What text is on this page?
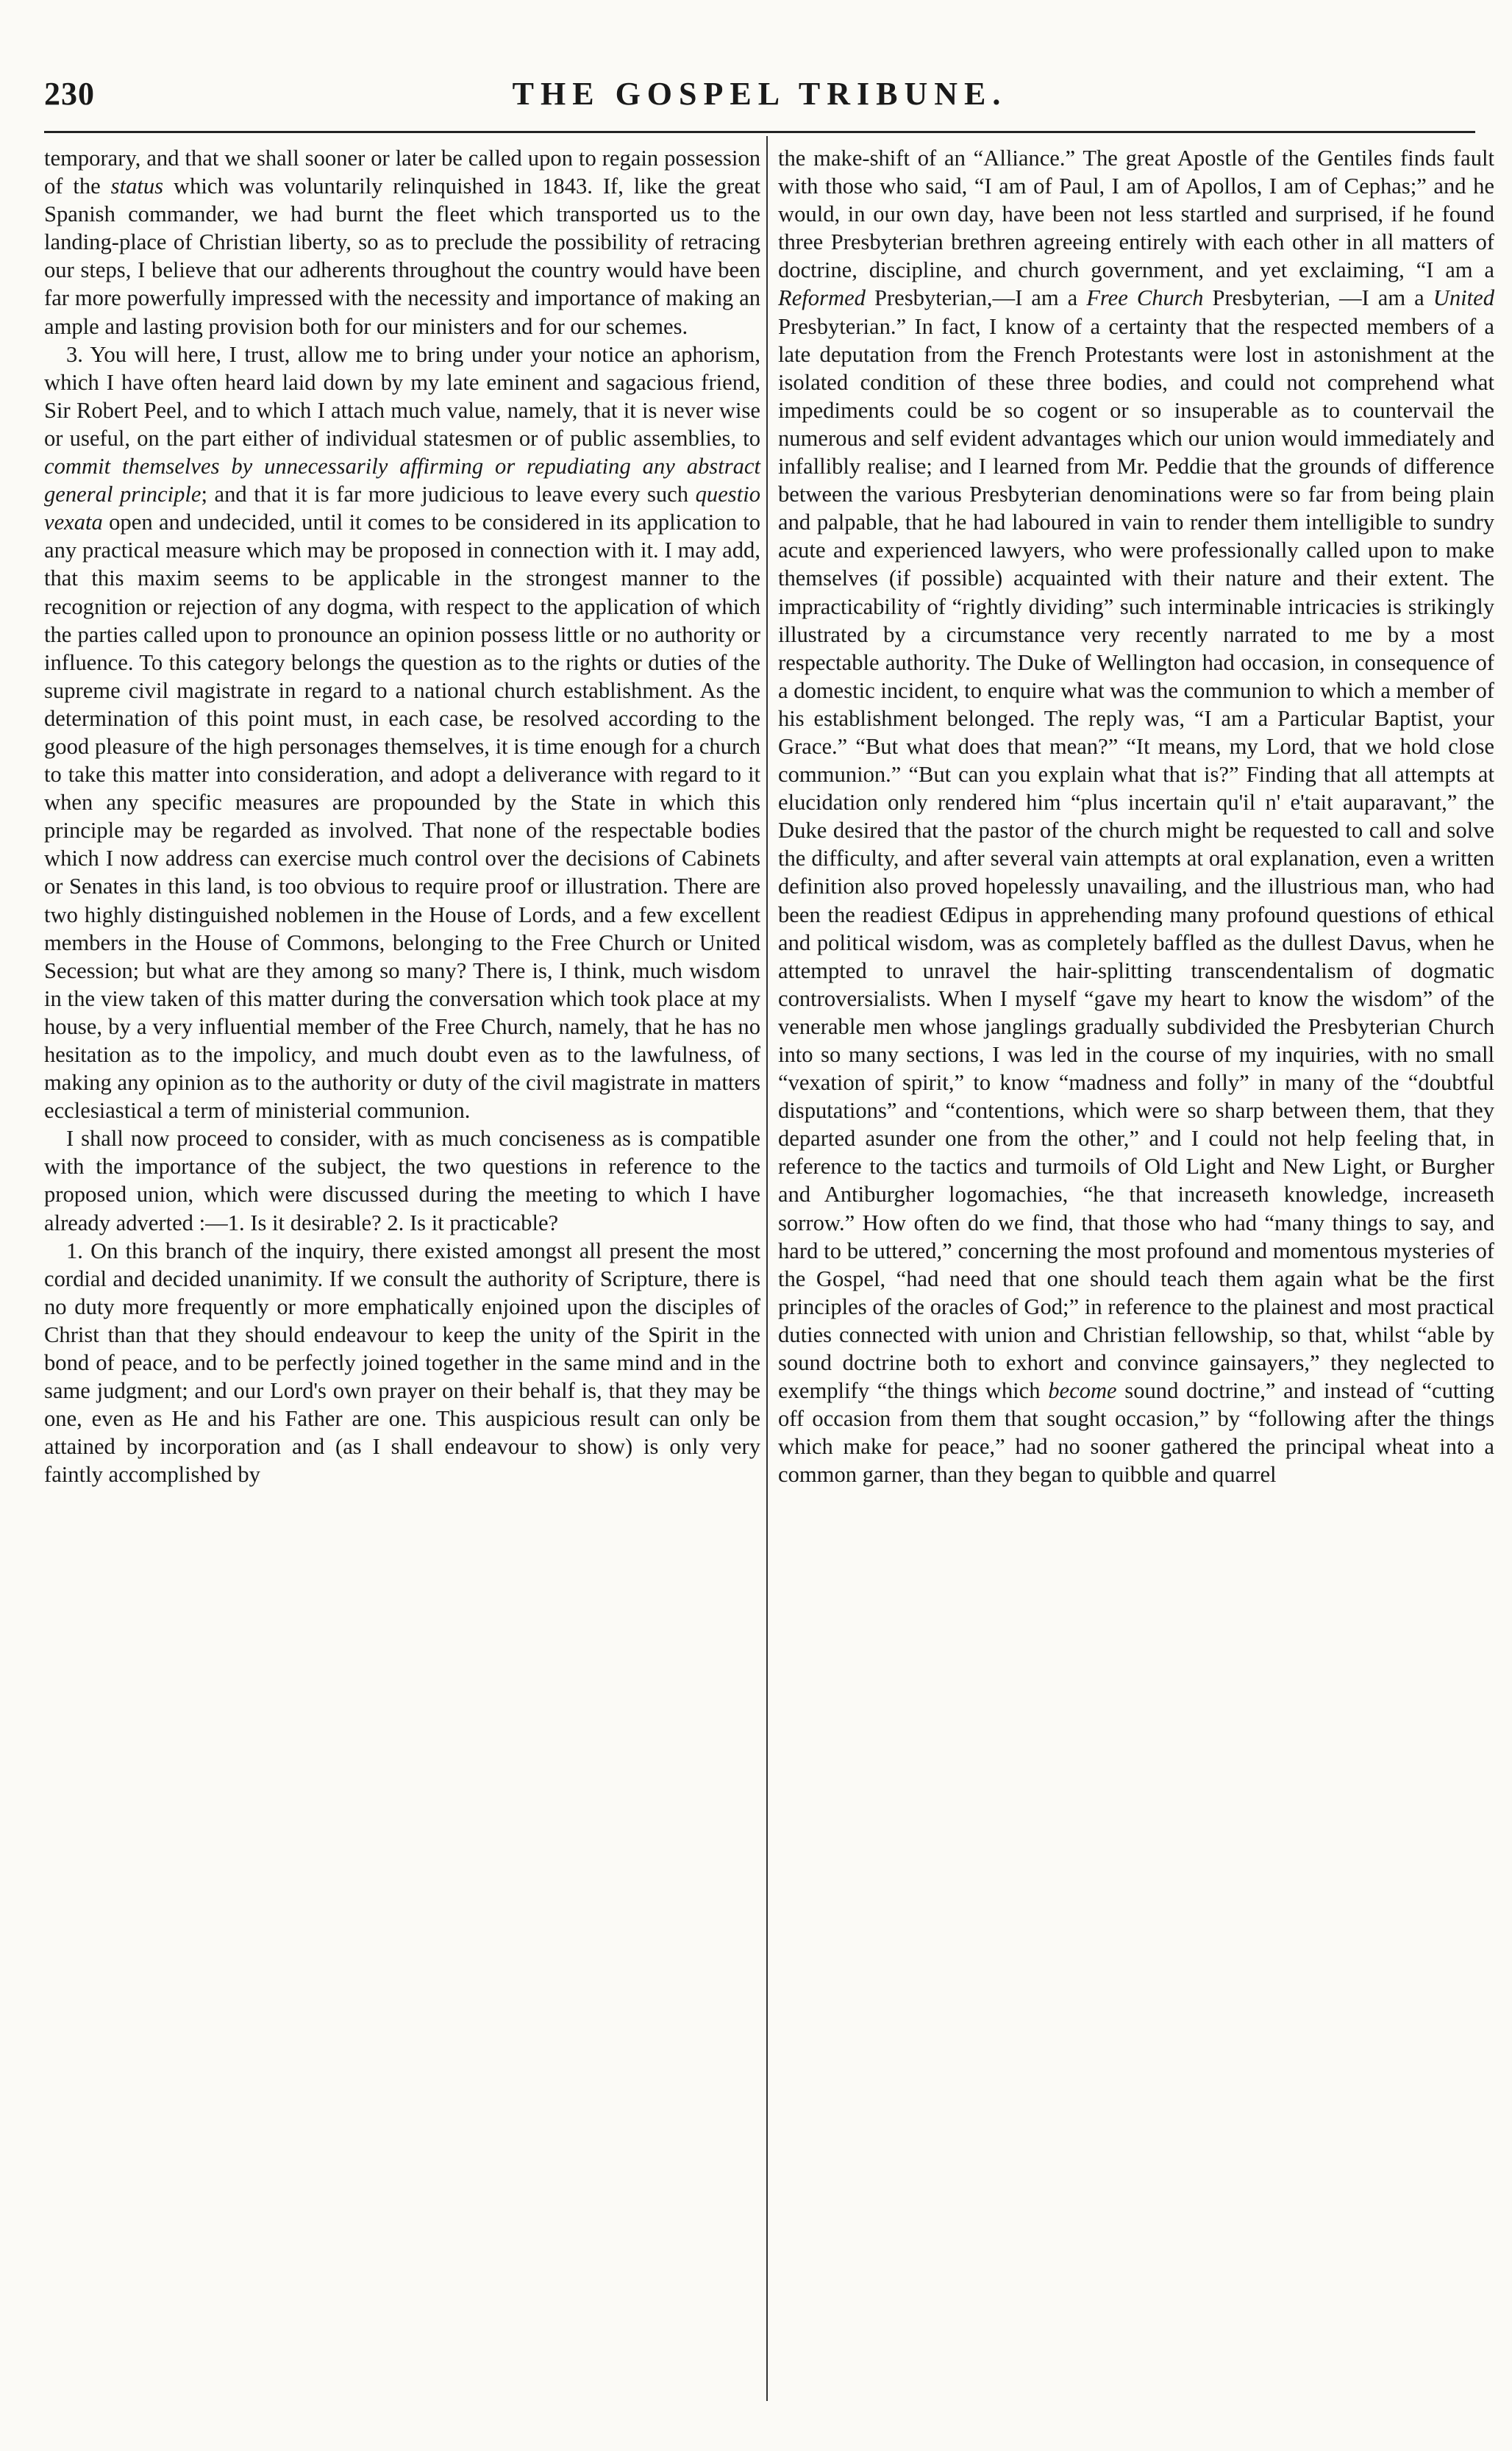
230	THE GOSPEL TRIBUNE.

temporary, and that we shall sooner or later be called upon to regain possession of the status which was voluntarily relinquished in 1843. If, like the great Spanish commander, we had burnt the fleet which transported us to the landing-place of Christian liberty, so as to preclude the possibility of retracing our steps, I believe that our adherents throughout the country would have been far more powerfully impressed with the necessity and importance of making an ample and lasting provision both for our ministers and for our schemes.

3. You will here, I trust, allow me to bring under your notice an aphorism, which I have often heard laid down by my late eminent and sagacious friend, Sir Robert Peel, and to which I attach much value, namely, that it is never wise or useful, on the part either of individual statesmen or of public assemblies, to commit themselves by unnecessarily affirming or repudiating any abstract general principle; and that it is far more judicious to leave every such questio vexata open and undecided, until it comes to be considered in its application to any practical measure which may be proposed in connection with it. I may add, that this maxim seems to be applicable in the strongest manner to the recognition or rejection of any dogma, with respect to the application of which the parties called upon to pronounce an opinion possess little or no authority or influence. To this category belongs the question as to the rights or duties of the supreme civil magistrate in regard to a national church establishment. As the determination of this point must, in each case, be resolved according to the good pleasure of the high personages themselves, it is time enough for a church to take this matter into consideration, and adopt a deliverance with regard to it when any specific measures are propounded by the State in which this principle may be regarded as involved. That none of the respectable bodies which I now address can exercise much control over the decisions of Cabinets or Senates in this land, is too obvious to require proof or illustration. There are two highly distinguished noblemen in the House of Lords, and a few excellent members in the House of Commons, belonging to the Free Church or United Secession; but what are they among so many? There is, I think, much wisdom in the view taken of this matter during the conversation which took place at my house, by a very influential member of the Free Church, namely, that he has no hesitation as to the impolicy, and much doubt even as to the lawfulness, of making any opinion as to the authority or duty of the civil magistrate in matters ecclesiastical a term of ministerial communion.

I shall now proceed to consider, with as much conciseness as is compatible with the importance of the subject, the two questions in reference to the proposed union, which were discussed during the meeting to which I have already adverted :—1. Is it desirable? 2. Is it practicable?

1. On this branch of the inquiry, there existed amongst all present the most cordial and decided unanimity. If we consult the authority of Scripture, there is no duty more frequently or more emphatically enjoined upon the disciples of Christ than that they should endeavour to keep the unity of the Spirit in the bond of peace, and to be perfectly joined together in the same mind and in the same judgment; and our Lord's own prayer on their behalf is, that they may be one, even as He and his Father are one. This auspicious result can only be attained by incorporation and (as I shall endeavour to show) is only very faintly accomplished by

the make-shift of an “Alliance.” The great Apostle of the Gentiles finds fault with those who said, “I am of Paul, I am of Apollos, I am of Cephas;” and he would, in our own day, have been not less startled and surprised, if he found three Presbyterian brethren agreeing entirely with each other in all matters of doctrine, discipline, and church government, and yet exclaiming, “I am a Reformed Presbyterian,—I am a Free Church Presbyterian, —I am a United Presbyterian.” In fact, I know of a certainty that the respected members of a late deputation from the French Protestants were lost in astonishment at the isolated condition of these three bodies, and could not comprehend what impediments could be so cogent or so insuperable as to countervail the numerous and self evident advantages which our union would immediately and infallibly realise; and I learned from Mr. Peddie that the grounds of difference between the various Presbyterian denominations were so far from being plain and palpable, that he had laboured in vain to render them intelligible to sundry acute and experienced lawyers, who were professionally called upon to make themselves (if possible) acquainted with their nature and their extent. The impracticability of “rightly dividing” such interminable intricacies is strikingly illustrated by a circumstance very recently narrated to me by a most respectable authority. The Duke of Wellington had occasion, in consequence of a domestic incident, to enquire what was the communion to which a member of his establishment belonged. The reply was, “I am a Particular Baptist, your Grace.” “But what does that mean?” “It means, my Lord, that we hold close communion.” “But can you explain what that is?” Finding that all attempts at elucidation only rendered him “plus incertain qu'il n' e'tait auparavant,” the Duke desired that the pastor of the church might be requested to call and solve the difficulty, and after several vain attempts at oral explanation, even a written definition also proved hopelessly unavailing, and the illustrious man, who had been the readiest Œdipus in apprehending many profound questions of ethical and political wisdom, was as completely baffled as the dullest Davus, when he attempted to unravel the hair-splitting transcendentalism of dogmatic controversialists. When I myself “gave my heart to know the wisdom” of the venerable men whose janglings gradually subdivided the Presbyterian Church into so many sections, I was led in the course of my inquiries, with no small “vexation of spirit,” to know “madness and folly” in many of the “doubtful disputations” and “contentions, which were so sharp between them, that they departed asunder one from the other,” and I could not help feeling that, in reference to the tactics and turmoils of Old Light and New Light, or Burgher and Antiburgher logomachies, “he that increaseth knowledge, increaseth sorrow.” How often do we find, that those who had “many things to say, and hard to be uttered,” concerning the most profound and momentous mysteries of the Gospel, “had need that one should teach them again what be the first principles of the oracles of God;” in reference to the plainest and most practical duties connected with union and Christian fellowship, so that, whilst “able by sound doctrine both to exhort and convince gainsayers,” they neglected to exemplify “the things which become sound doctrine,” and instead of “cutting off occasion from them that sought occasion,” by “following after the things which make for peace,” had no sooner gathered the principal wheat into a common garner, than they began to quibble and quarrel
